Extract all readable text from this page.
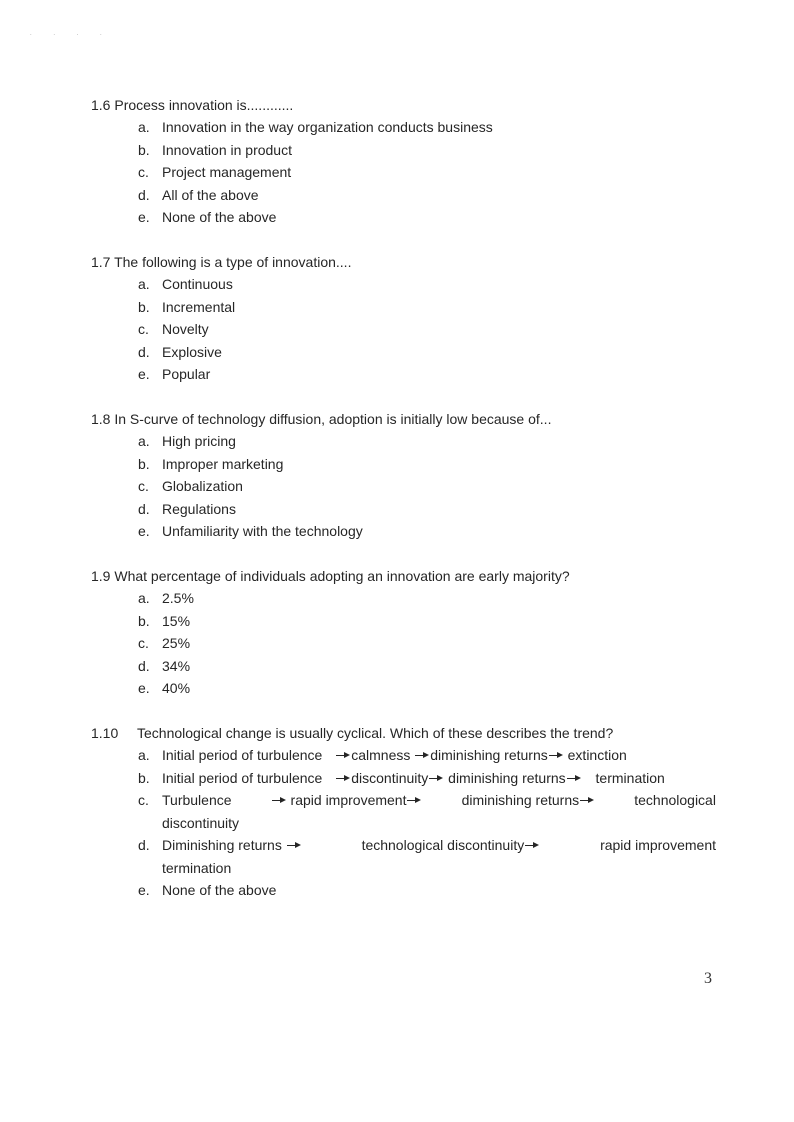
. . . .
1.6 Process innovation is............
a. Innovation in the way organization conducts business
b. Innovation in product
c. Project management
d. All of the above
e. None of the above
1.7 The following is a type of innovation....
a. Continuous
b. Incremental
c. Novelty
d. Explosive
e. Popular
1.8 In S-curve of technology diffusion, adoption is initially low because of...
a. High pricing
b. Improper marketing
c. Globalization
d. Regulations
e. Unfamiliarity with the technology
1.9 What percentage of individuals adopting an innovation are early majority?
a. 2.5%
b. 15%
c. 25%
d. 34%
e. 40%
1.10 Technological change is usually cyclical. Which of these describes the trend?
a. Initial period of turbulence calmness diminishing returns extinction
b. Initial period of turbulence discontinuity diminishing returns termination
c. Turbulence	rapid improvement	diminishing returns	technological
discontinuity
d. Diminishing returns	technological discontinuity	rapid improvement
termination
e. None of the above
3
